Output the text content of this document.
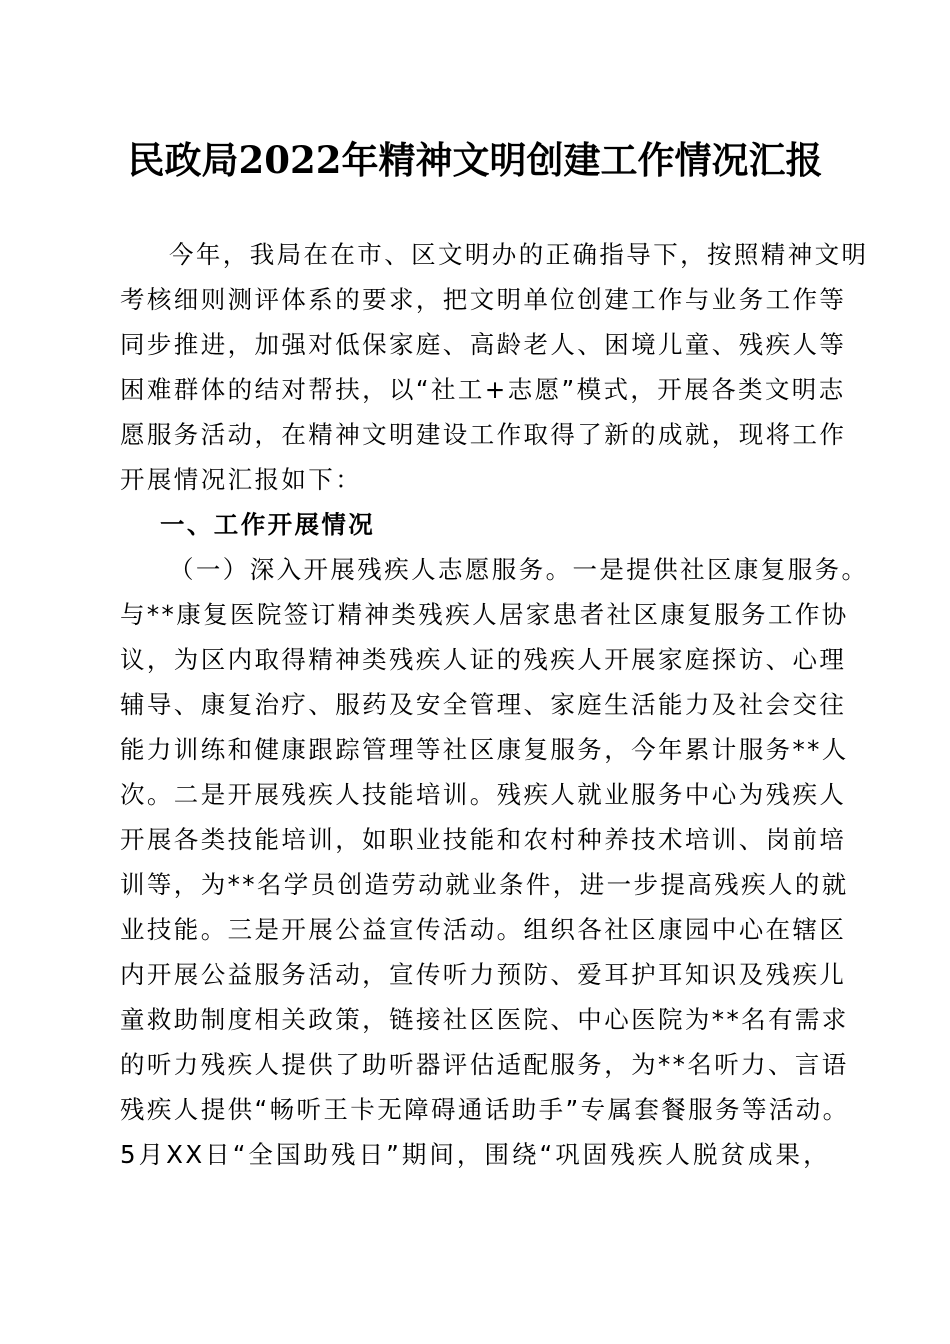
民政局2022年精神文明创建工作情况汇报
今年，我局在在市、区文明办的正确指导下，按照精神文明
考核细则测评体系的要求，把文明单位创建工作与业务工作等
同步推进，加强对低保家庭、高龄老人、困境儿童、残疾人等
困难群体的结对帮扶，以“社工+志愿”模式，开展各类文明志
愿服务活动，在精神文明建设工作取得了新的成就，现将工作
开展情况汇报如下：
一、工作开展情况
（一）深入开展残疾人志愿服务。一是提供社区康复服务。
与**康复医院签订精神类残疾人居家患者社区康复服务工作协
议，为区内取得精神类残疾人证的残疾人开展家庭探访、心理
辅导、康复治疗、服药及安全管理、家庭生活能力及社会交往
能力训练和健康跟踪管理等社区康复服务，今年累计服务**人
次。二是开展残疾人技能培训。残疾人就业服务中心为残疾人
开展各类技能培训，如职业技能和农村种养技术培训、岗前培
训等，为**名学员创造劳动就业条件，进一步提高残疾人的就
业技能。三是开展公益宣传活动。组织各社区康园中心在辖区
内开展公益服务活动，宣传听力预防、爱耳护耳知识及残疾儿
童救助制度相关政策，链接社区医院、中心医院为**名有需求
的听力残疾人提供了助听器评估适配服务，为**名听力、言语
残疾人提供“畅听王卡无障碍通话助手”专属套餐服务等活动。
5月XX日“全国助残日”期间，围绕“巩固残疾人脱贫成果，
